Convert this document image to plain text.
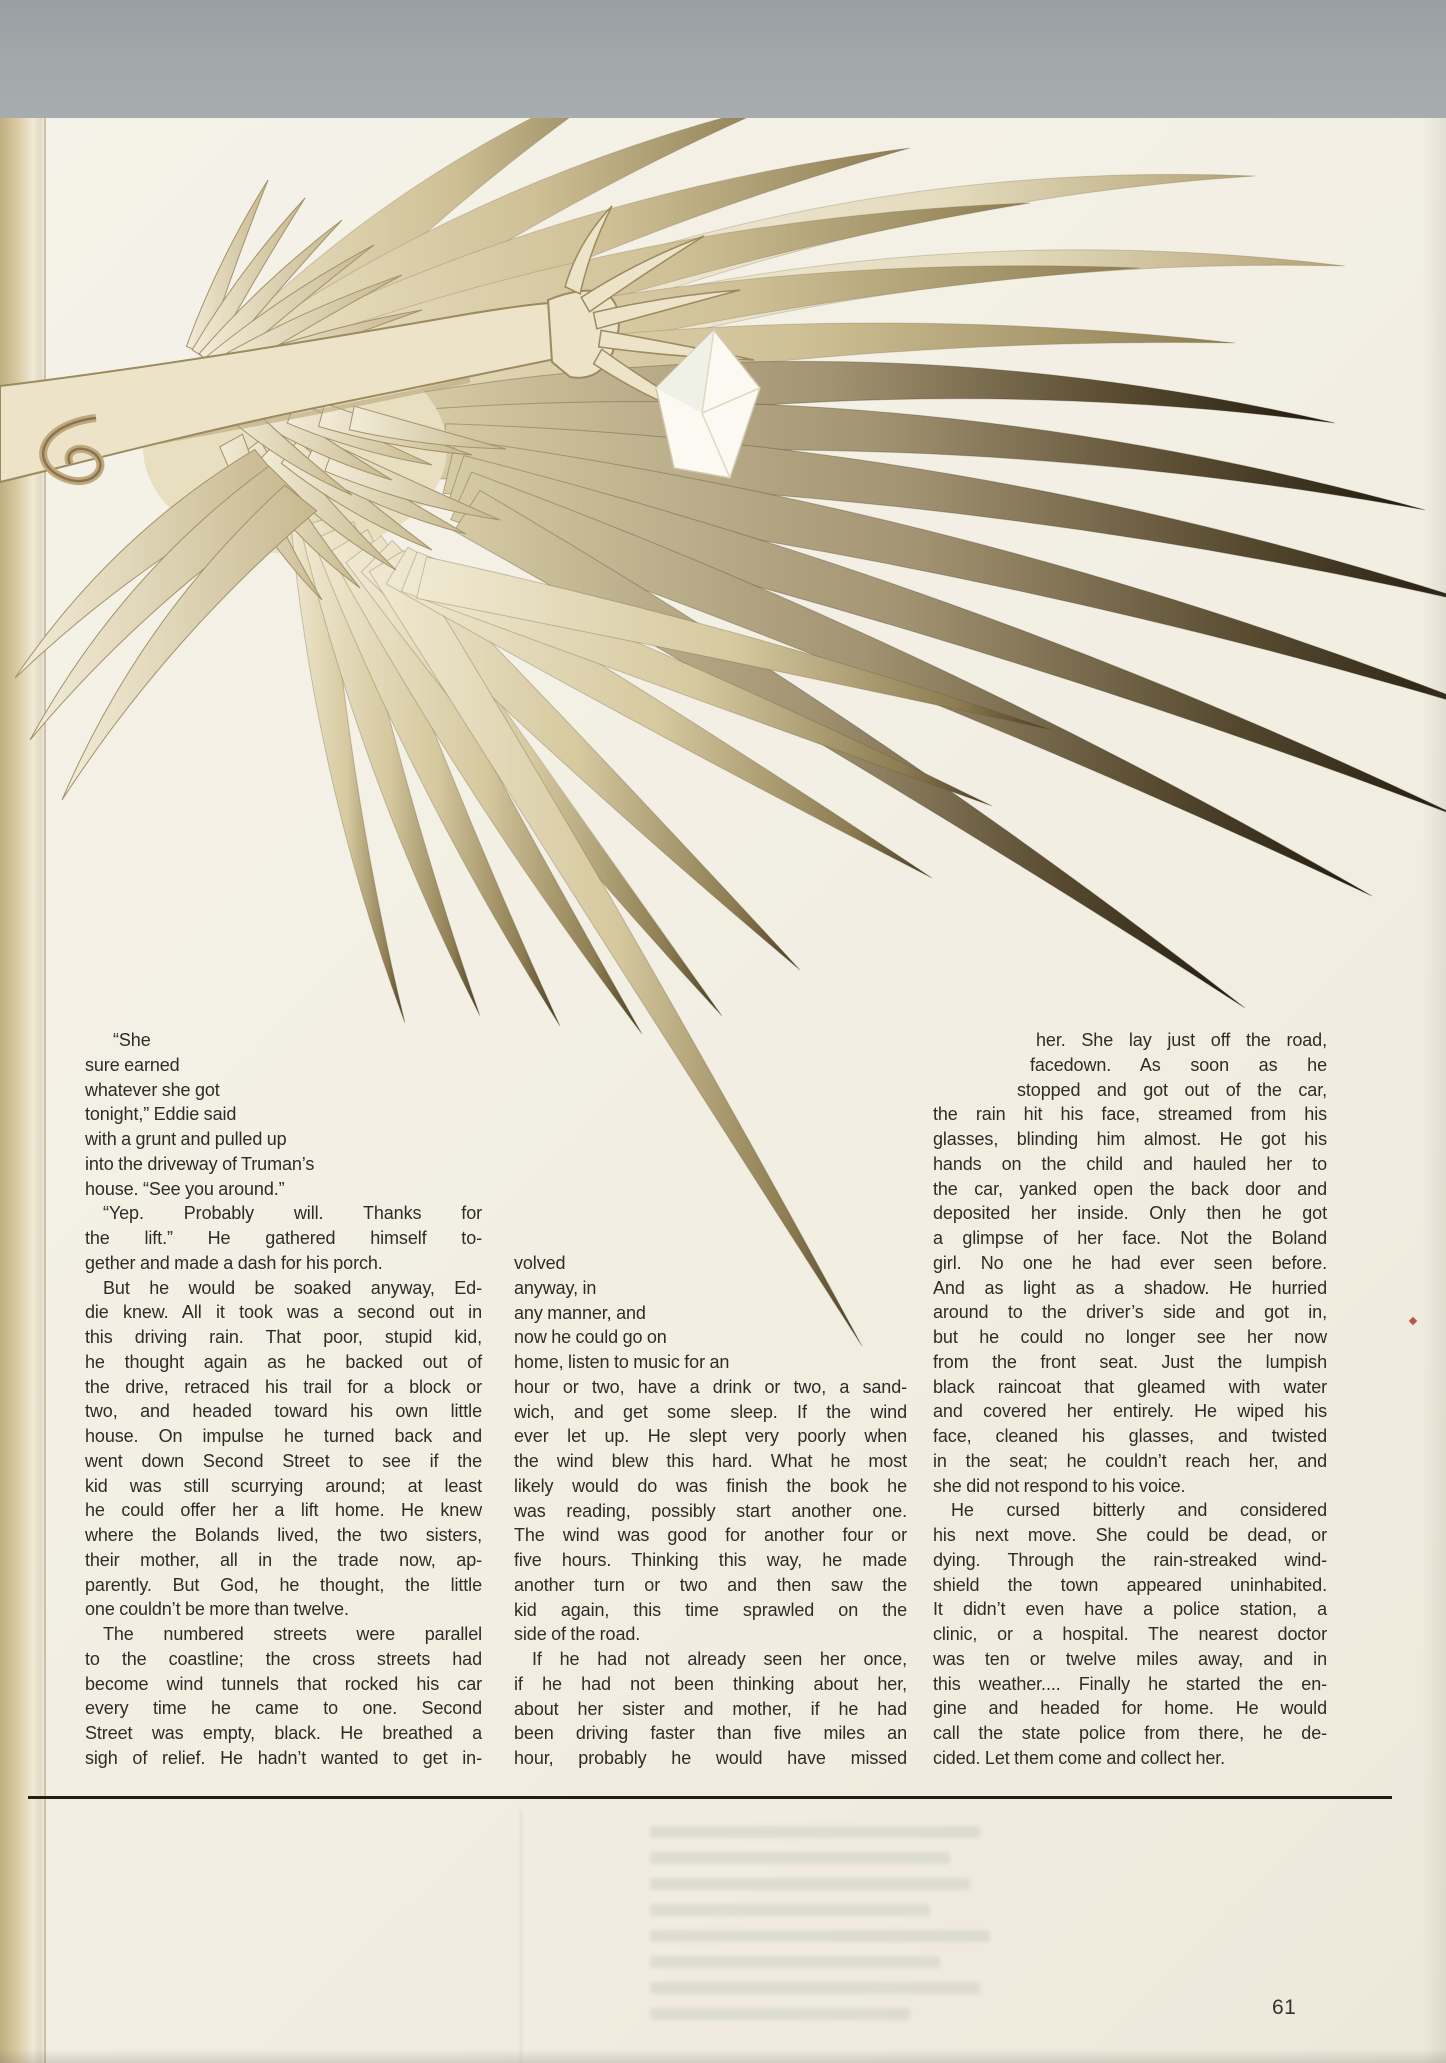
“She
sure earned
whatever she got
tonight,” Eddie said
with a grunt and pulled up
into the driveway of Truman’s
house. “See you around.”
“Yep. Probably will. Thanks for
the lift.” He gathered himself to-
gether and made a dash for his porch.
But he would be soaked anyway, Ed-
die knew. All it took was a second out in
this driving rain. That poor, stupid kid,
he thought again as he backed out of
the drive, retraced his trail for a block or
two, and headed toward his own little
house. On impulse he turned back and
went down Second Street to see if the
kid was still scurrying around; at least
he could offer her a lift home. He knew
where the Bolands lived, the two sisters,
their mother, all in the trade now, ap-
parently. But God, he thought, the little
one couldn’t be more than twelve.
The numbered streets were parallel
to the coastline; the cross streets had
become wind tunnels that rocked his car
every time he came to one. Second
Street was empty, black. He breathed a
sigh of relief. He hadn’t wanted to get in-
volved
anyway, in
any manner, and
now he could go on
home, listen to music for an
hour or two, have a drink or two, a sand-
wich, and get some sleep. If the wind
ever let up. He slept very poorly when
the wind blew this hard. What he most
likely would do was finish the book he
was reading, possibly start another one.
The wind was good for another four or
five hours. Thinking this way, he made
another turn or two and then saw the
kid again, this time sprawled on the
side of the road.
If he had not already seen her once,
if he had not been thinking about her,
about her sister and mother, if he had
been driving faster than five miles an
hour, probably he would have missed
her. She lay just off the road,
facedown. As soon as he
stopped and got out of the car,
the rain hit his face, streamed from his
glasses, blinding him almost. He got his
hands on the child and hauled her to
the car, yanked open the back door and
deposited her inside. Only then he got
a glimpse of her face. Not the Boland
girl. No one he had ever seen before.
And as light as a shadow. He hurried
around to the driver’s side and got in,
but he could no longer see her now
from the front seat. Just the lumpish
black raincoat that gleamed with water
and covered her entirely. He wiped his
face, cleaned his glasses, and twisted
in the seat; he couldn’t reach her, and
she did not respond to his voice.
He cursed bitterly and considered
his next move. She could be dead, or
dying. Through the rain-streaked wind-
shield the town appeared uninhabited.
It didn’t even have a police station, a
clinic, or a hospital. The nearest doctor
was ten or twelve miles away, and in
this weather.... Finally he started the en-
gine and headed for home. He would
call the state police from there, he de-
cided. Let them come and collect her.
61
